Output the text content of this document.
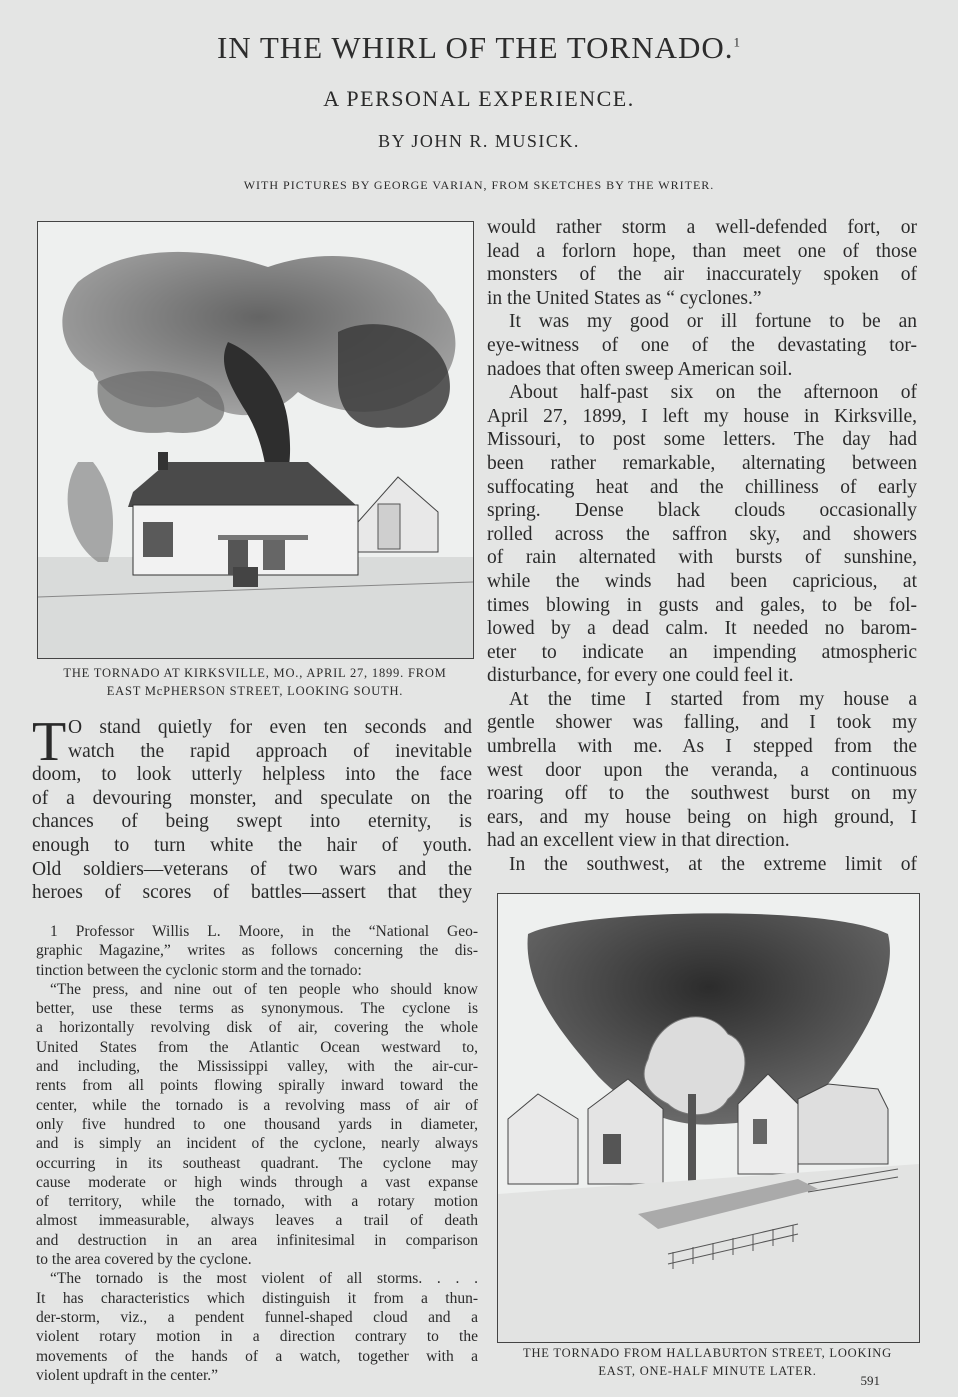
IN THE WHIRL OF THE TORNADO.$^1$
A PERSONAL EXPERIENCE.
BY JOHN R. MUSICK.
WITH PICTURES BY GEORGE VARIAN, FROM SKETCHES BY THE WRITER.
THE TORNADO AT KIRKSVILLE, MO., APRIL 27, 1899. FROM
EAST McPHERSON STREET, LOOKING SOUTH.
T O stand quietly for even ten seconds and
watch the rapid approach of inevitable
doom, to look utterly helpless into the face
of a devouring monster, and speculate on the
chances of being swept into eternity, is
enough to turn white the hair of youth.
Old soldiers—veterans of two wars and the
heroes of scores of battles—assert that they
1 Professor Willis L. Moore, in the “National Geo-
graphic Magazine,” writes as follows concerning the dis-
tinction between the cyclonic storm and the tornado:
“The press, and nine out of ten people who should know
better, use these terms as synonymous. The cyclone is
a horizontally revolving disk of air, covering the whole
United States from the Atlantic Ocean westward to,
and including, the Mississippi valley, with the air-cur-
rents from all points flowing spirally inward toward the
center, while the tornado is a revolving mass of air of
only five hundred to one thousand yards in diameter,
and is simply an incident of the cyclone, nearly always
occurring in its southeast quadrant. The cyclone may
cause moderate or high winds through a vast expanse
of territory, while the tornado, with a rotary motion
almost immeasurable, always leaves a trail of death
and destruction in an area infinitesimal in comparison
to the area covered by the cyclone.
“The tornado is the most violent of all storms. . . .
It has characteristics which distinguish it from a thun-
der-storm, viz., a pendent funnel-shaped cloud and a
violent rotary motion in a direction contrary to the
movements of the hands of a watch, together with a
violent updraft in the center.”
would rather storm a well-defended fort, or
lead a forlorn hope, than meet one of those
monsters of the air inaccurately spoken of
in the United States as “ cyclones.”
It was my good or ill fortune to be an
eye-witness of one of the devastating tor-
nadoes that often sweep American soil.
About half-past six on the afternoon of
April 27, 1899, I left my house in Kirksville,
Missouri, to post some letters. The day had
been rather remarkable, alternating between
suffocating heat and the chilliness of early
spring. Dense black clouds occasionally
rolled across the saffron sky, and showers
of rain alternated with bursts of sunshine,
while the winds had been capricious, at
times blowing in gusts and gales, to be fol-
lowed by a dead calm. It needed no barom-
eter to indicate an impending atmospheric
disturbance, for every one could feel it.
At the time I started from my house a
gentle shower was falling, and I took my
umbrella with me. As I stepped from the
west door upon the veranda, a continuous
roaring off to the southwest burst on my
ears, and my house being on high ground, I
had an excellent view in that direction.
In the southwest, at the extreme limit of
THE TORNADO FROM HALLABURTON STREET, LOOKING
EAST, ONE-HALF MINUTE LATER.
591
